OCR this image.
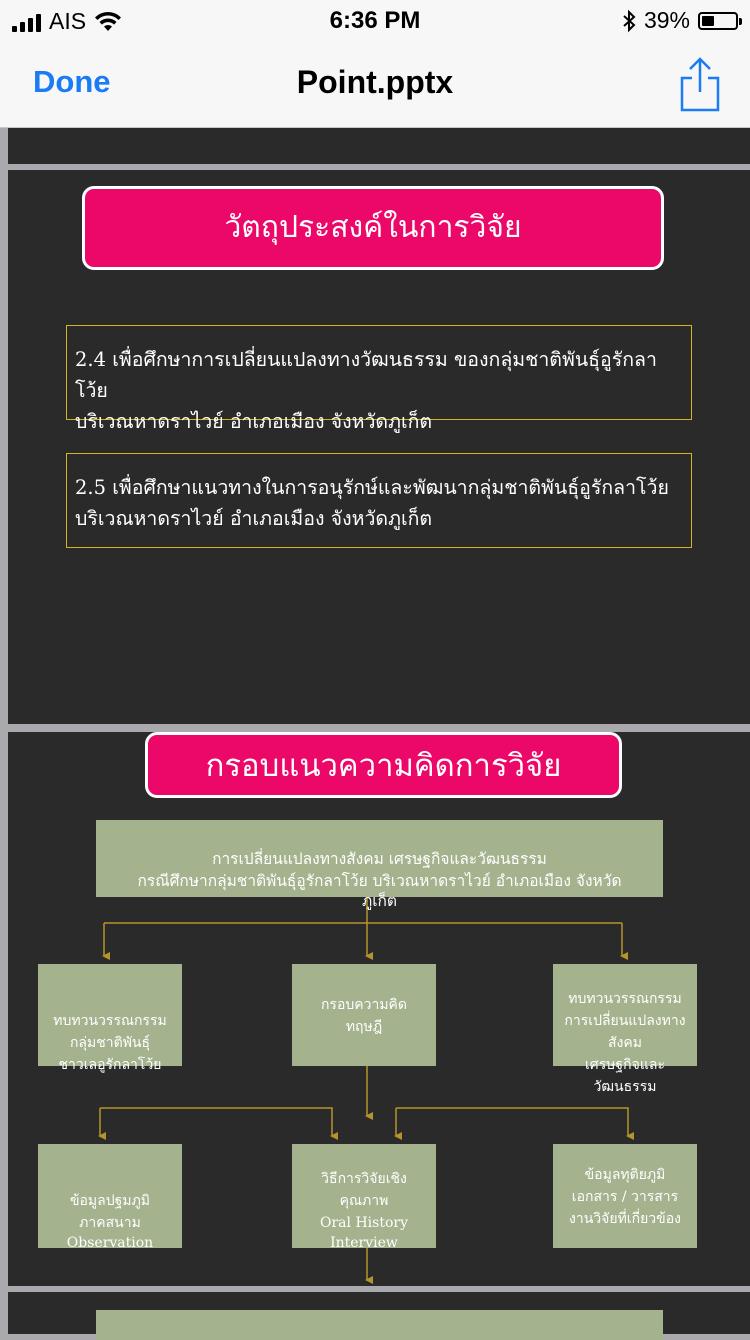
AIS	6:36 PM	39%
Done	Point.pptx
วัตถุประสงค์ในการวิจัย
2.4 เพื่อศึกษาการเปลี่ยนแปลงทางวัฒนธรรม ของกลุ่มชาติพันธุ์อูรักลาโว้ย
บริเวณหาดราไวย์ อำเภอเมือง จังหวัดภูเก็ต
2.5 เพื่อศึกษาแนวทางในการอนุรักษ์และพัฒนากลุ่มชาติพันธุ์อูรักลาโว้ย
บริเวณหาดราไวย์ อำเภอเมือง จังหวัดภูเก็ต
กรอบแนวความคิดการวิจัย
การเปลี่ยนแปลงทางสังคม เศรษฐกิจและวัฒนธรรม
กรณีศึกษากลุ่มชาติพันธุ์อูรักลาโว้ย บริเวณหาดราไวย์ อำเภอเมือง จังหวัด
ภูเก็ต
ทบทวนวรรณกรรม
กลุ่มชาติพันธุ์
ชาวเลอูรักลาโว้ย
กรอบความคิด
ทฤษฎี
ทบทวนวรรณกรรม
การเปลี่ยนแปลงทาง
สังคม
เศรษฐกิจและ
วัฒนธรรม
ข้อมูลปฐมภูมิ
ภาคสนาม
Observation
วิธีการวิจัยเชิง
คุณภาพ
Oral History
Interview
ข้อมูลทุติยภูมิ
เอกสาร / วารสาร
งานวิจัยที่เกี่ยวข้อง
